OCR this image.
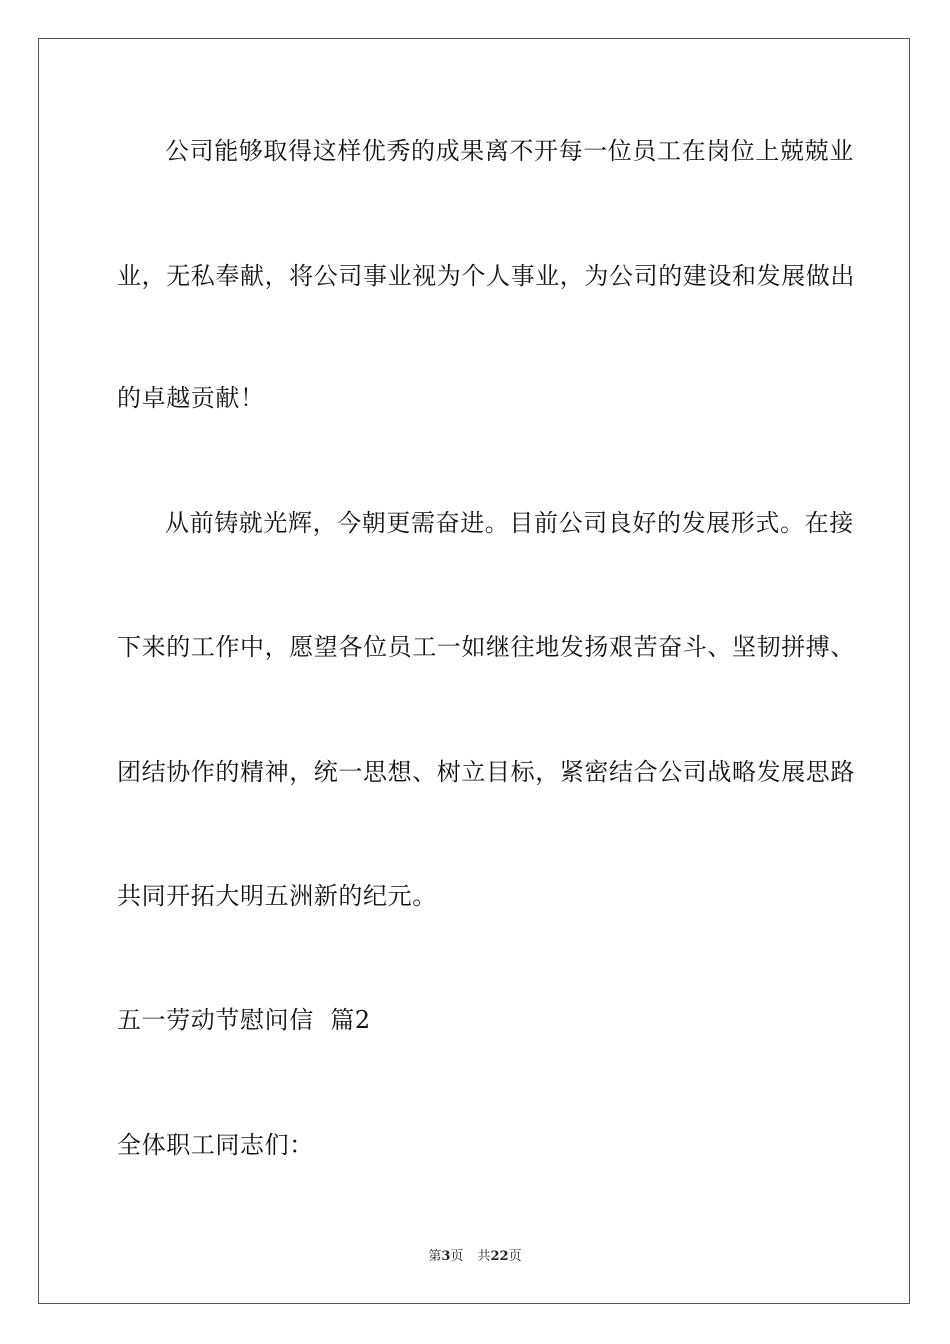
公司能够取得这样优秀的成果离不开每一位员工在岗位上兢兢业
业，无私奉献，将公司事业视为个人事业，为公司的建设和发展做出
的卓越贡献！
从前铸就光辉，今朝更需奋进。目前公司良好的发展形式。在接
下来的工作中，愿望各位员工一如继往地发扬艰苦奋斗、坚韧拼搏、
团结协作的精神，统一思想、树立目标，紧密结合公司战略发展思路
共同开拓大明五洲新的纪元。
五一劳动节慰问信  篇2
全体职工同志们：
第3页 共22页
